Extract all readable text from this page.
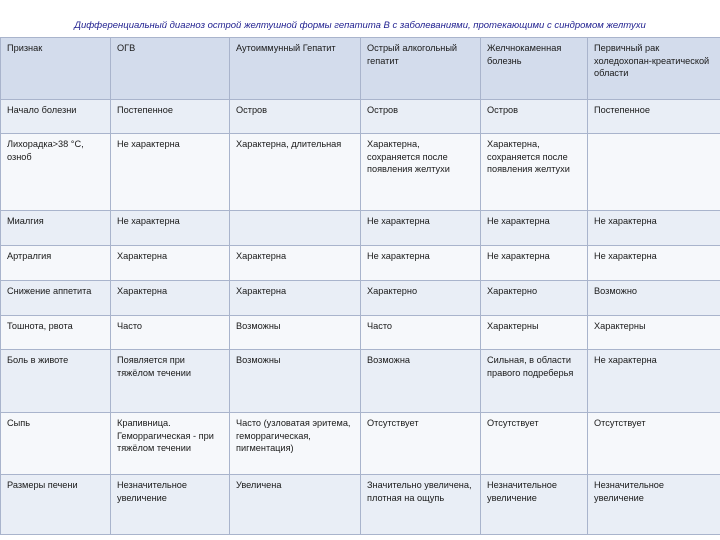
Дифференциальный диагноз острой желтушной формы гепатита В с заболеваниями, протекающими с синдромом желтухи
Признак	ОГВ	Аутоиммунный Гепатит	Острый алкогольный гепатит	Желчнокаменная болезнь	Первичный рак холедохопан-креатической области
Начало болезни	Постепенное	Остров	Остров	Остров	Постепенное
Лихорадка>38 °С, озноб	Не характерна	Характерна, длительная	Характерна, сохраняется после появления желтухи	Характерна, сохраняется после появления желтухи	
Миалгия	Не характерна		Не характерна	Не характерна	Не характерна
Артралгия	Характерна	Характерна	Не характерна	Не характерна	Не характерна
Снижение аппетита	Характерна	Характерна	Характерно	Характерно	Возможно
Тошнота, рвота	Часто	Возможны	Часто	Характерны	Характерны
Боль в животе	Появляется при тяжёлом течении	Возможны	Возможна	Сильная, в области правого подреберья	Не характерна
Сыпь	Крапивница. Геморрагическая - при тяжёлом течении	Часто (узловатая эритема, геморрагическая, пигментация)	Отсутствует	Отсутствует	Отсутствует
Размеры печени	Незначительное увеличение	Увеличена	Значительно увеличена, плотная на ощупь	Незначительное увеличение	Незначительное увеличение
